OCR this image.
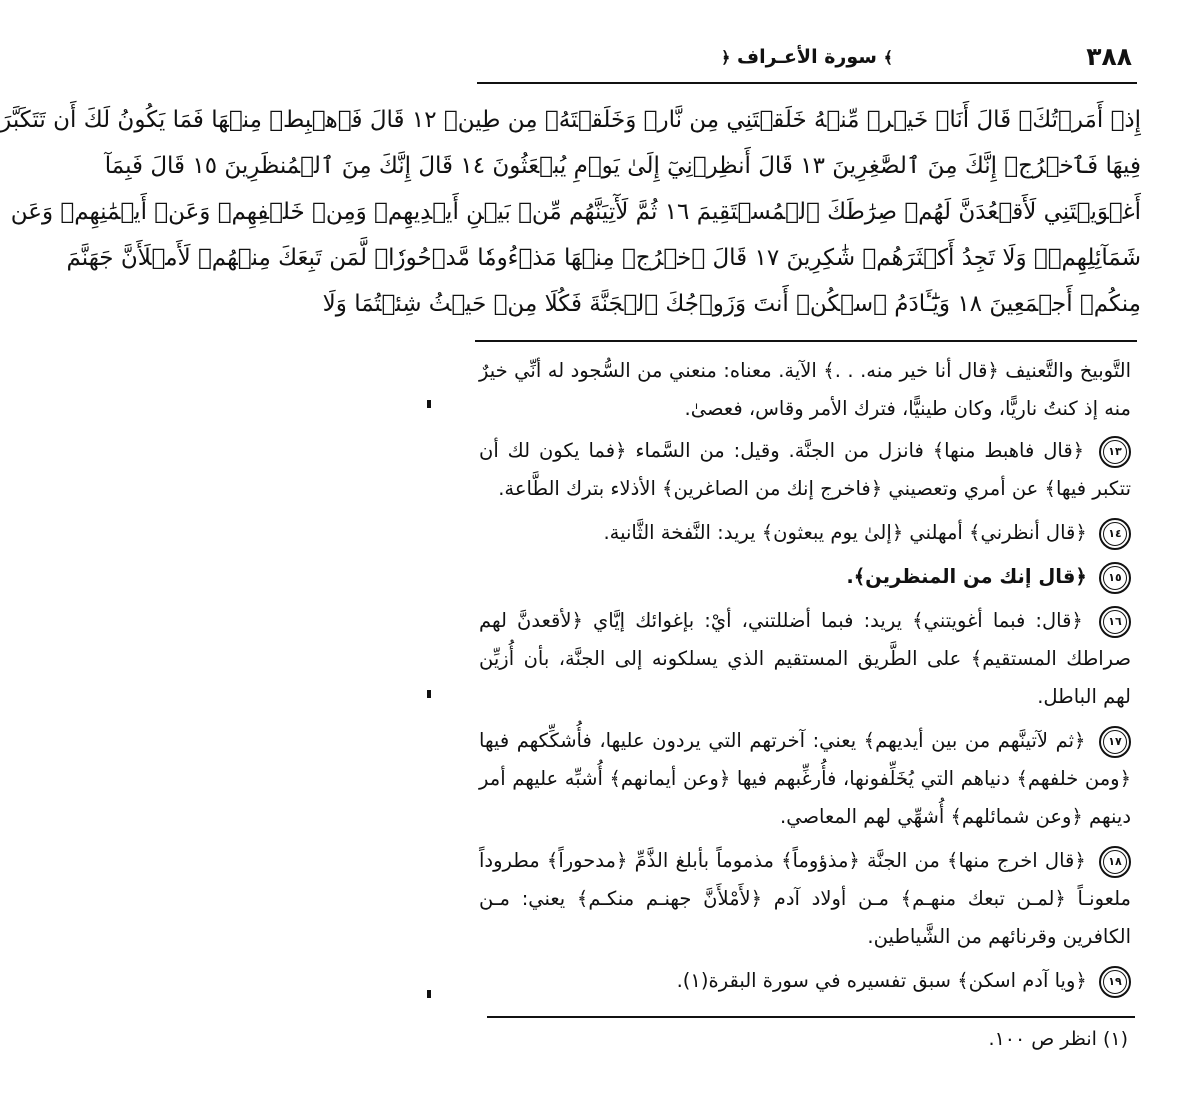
٣٨٨
﴾ سورة الأعـراف ﴿
إِذۡ أَمَرۡتُكَۖ قَالَ أَنَا۠ خَيۡرٞ مِّنۡهُ خَلَقۡتَنِي مِن نَّارٖ وَخَلَقۡتَهُۥ مِن طِينٖ ١٢ قَالَ فَٱهۡبِطۡ مِنۡهَا فَمَا يَكُونُ لَكَ أَن تَتَكَبَّرَ
فِيهَا فَٱخۡرُجۡ إِنَّكَ مِنَ ٱلصَّٰغِرِينَ ١٣ قَالَ أَنظِرۡنِيٓ إِلَىٰ يَوۡمِ يُبۡعَثُونَ ١٤ قَالَ إِنَّكَ مِنَ ٱلۡمُنظَرِينَ ١٥ قَالَ فَبِمَآ
أَغۡوَيۡتَنِي لَأَقۡعُدَنَّ لَهُمۡ صِرَٰطَكَ ٱلۡمُسۡتَقِيمَ ١٦ ثُمَّ لَأٓتِيَنَّهُم مِّنۢ بَيۡنِ أَيۡدِيهِمۡ وَمِنۡ خَلۡفِهِمۡ وَعَنۡ أَيۡمَٰنِهِمۡ وَعَن
شَمَآئِلِهِمۡۖ وَلَا تَجِدُ أَكۡثَرَهُمۡ شَٰكِرِينَ ١٧ قَالَ ٱخۡرُجۡ مِنۡهَا مَذۡءُومٗا مَّدۡحُورٗاۖ لَّمَن تَبِعَكَ مِنۡهُمۡ لَأَمۡلَأَنَّ جَهَنَّمَ
مِنكُمۡ أَجۡمَعِينَ ١٨ وَيَٰٓـَٔادَمُ ٱسۡكُنۡ أَنتَ وَزَوۡجُكَ ٱلۡجَنَّةَ فَكُلَا مِنۡ حَيۡثُ شِئۡتُمَا وَلَا

التَّوبيخ والتَّعنيف ﴿قال أنا خير منه. . .﴾ الآية. معناه: منعني من السُّجود له أنِّي خيرٌ منه إذ كنتُ ناريًّا، وكان طينيًّا، فترك الأمر وقاس، فعصىٰ.

١٣ ﴿قال فاهبط منها﴾ فانزل من الجنَّة. وقيل: من السَّماء ﴿فما يكون لك أن تتكبر فيها﴾ عن أمري وتعصيني ﴿فاخرج إنك من الصاغرين﴾ الأذلاء بترك الطَّاعة.

١٤ ﴿قال أنظرني﴾ أمهلني ﴿إلىٰ يوم يبعثون﴾ يريد: النَّفخة الثَّانية.

١٥ ﴿قال إنك من المنظرين﴾.

١٦ ﴿قال: فبما أغويتني﴾ يريد: فبما أضللتني، أيْ: بإغوائك إيَّاي ﴿لأقعدنَّ لهم صراطك المستقيم﴾ على الطَّريق المستقيم الذي يسلكونه إلى الجنَّة، بأن أُزيِّن لهم الباطل.

١٧ ﴿ثم لآتينَّهم من بين أيديهم﴾ يعني: آخرتهم التي يردون عليها، فأُشكِّكهم فيها ﴿ومن خلفهم﴾ دنياهم التي يُخَلِّفونها، فأُرغِّبهم فيها ﴿وعن أيمانهم﴾ أُشبِّه عليهم أمر دينهم ﴿وعن شمائلهم﴾ أُشهِّي لهم المعاصي.

١٨ ﴿قال اخرج منها﴾ من الجنَّة ﴿مذؤوماً﴾ مذموماً بأبلغ الذَّمِّ ﴿مدحوراً﴾ مطروداً ملعونـاً ﴿لمـن تبعك منهـم﴾ مـن أولاد آدم ﴿لأَمْلأَنَّ جهنـم منكـم﴾ يعني: مـن الكافرين وقرنائهم من الشَّياطين.

١٩ ﴿ويا آدم اسكن﴾ سبق تفسيره في سورة البقرة(١).

(١) انظر ص ١٠٠.
